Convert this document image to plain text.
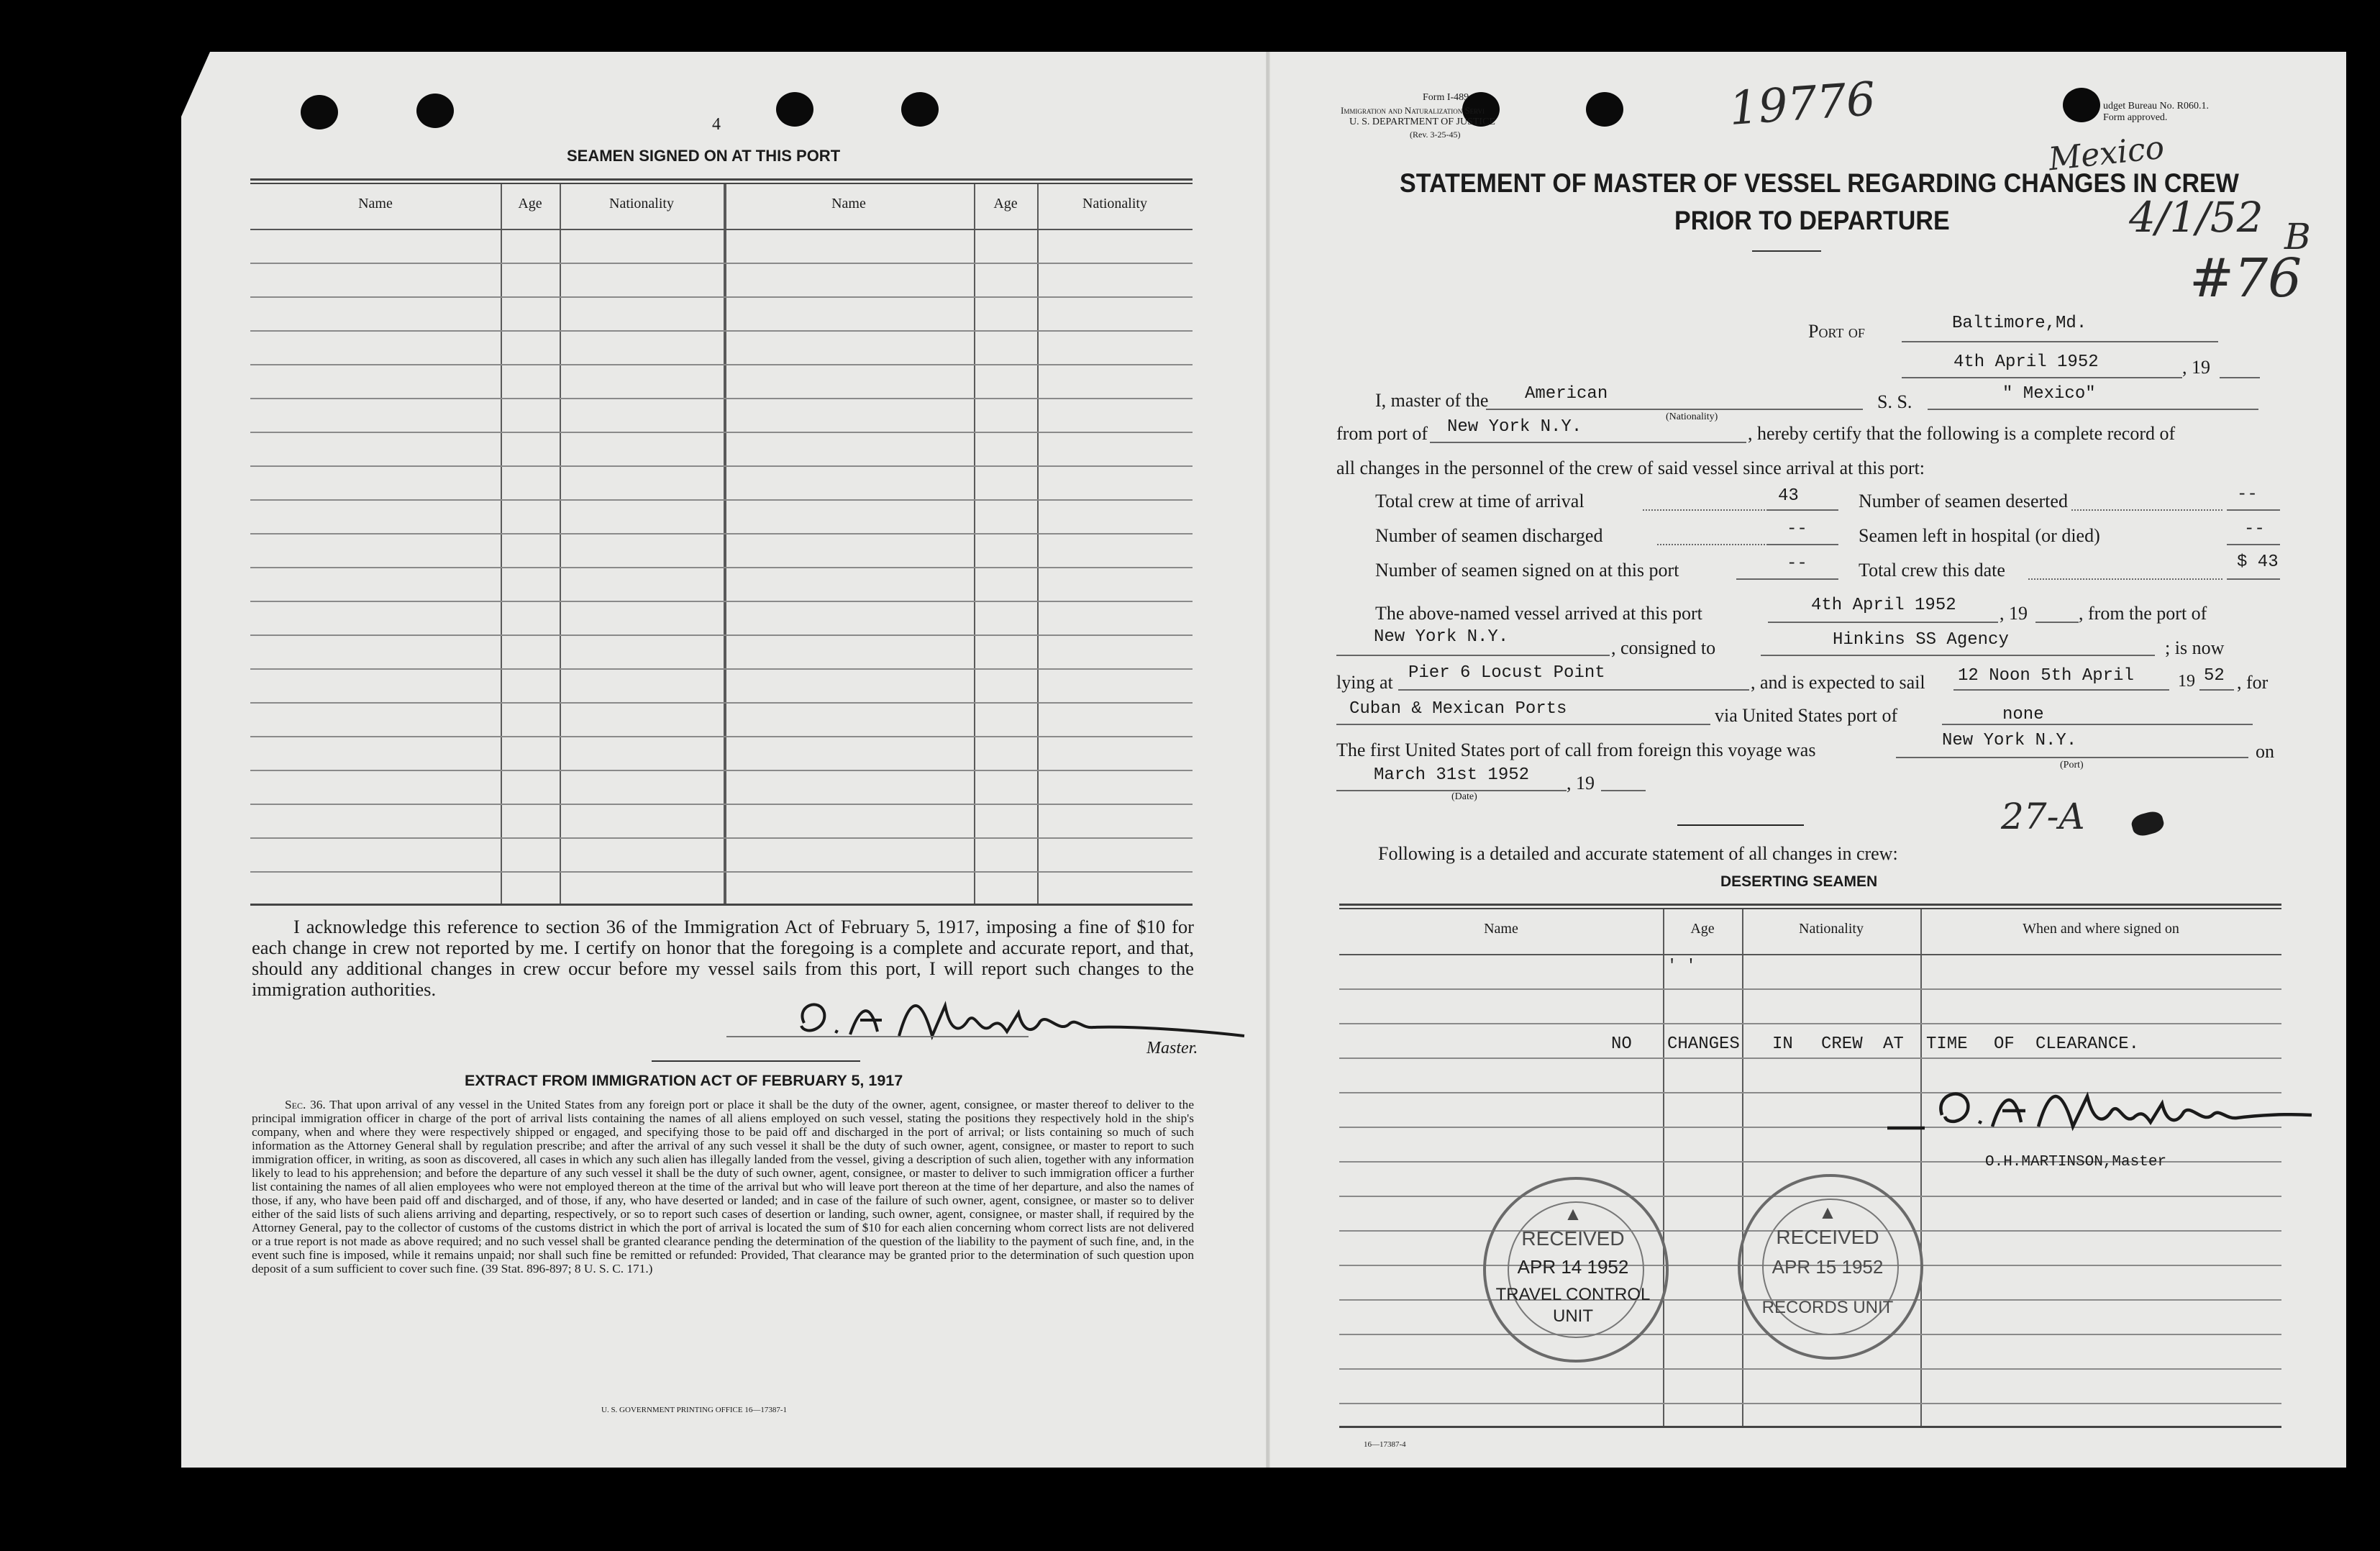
4
SEAMEN SIGNED ON AT THIS PORT
Name	Age	Nationality	Name	Age	Nationality
I acknowledge this reference to section 36 of the Immigration Act of February 5, 1917, imposing a fine of $10 for each change in crew not reported by me. I certify on honor that the foregoing is a complete and accurate report, and that, should any additional changes in crew occur before my vessel sails from this port, I will report such changes to the immigration authorities.
Master.
EXTRACT FROM IMMIGRATION ACT OF FEBRUARY 5, 1917
Sec. 36. That upon arrival of any vessel in the United States from any foreign port or place it shall be the duty of the owner, agent, consignee, or master thereof to deliver to the principal immigration officer in charge of the port of arrival lists containing the names of all aliens employed on such vessel, stating the positions they respectively hold in the ship's company, when and where they were respectively shipped or engaged, and specifying those to be paid off and discharged in the port of arrival; or lists containing so much of such information as the Attorney General shall by regulation prescribe; and after the arrival of any such vessel it shall be the duty of such owner, agent, consignee, or master to report to such immigration officer, in writing, as soon as discovered, all cases in which any such alien has illegally landed from the vessel, giving a description of such alien, together with any information likely to lead to his apprehension; and before the departure of any such vessel it shall be the duty of such owner, agent, consignee, or master to deliver to such immigration officer a further list containing the names of all alien employees who were not employed thereon at the time of the arrival but who will leave port thereon at the time of her departure, and also the names of those, if any, who have been paid off and discharged, and of those, if any, who have deserted or landed; and in case of the failure of such owner, agent, consignee, or master so to deliver either of the said lists of such aliens arriving and departing, respectively, or so to report such cases of desertion or landing, such owner, agent, consignee, or master shall, if required by the Attorney General, pay to the collector of customs of the customs district in which the port of arrival is located the sum of $10 for each alien concerning whom correct lists are not delivered or a true report is not made as above required; and no such vessel shall be granted clearance pending the determination of the question of the liability to the payment of such fine, and, in the event such fine is imposed, while it remains unpaid; nor shall such fine be remitted or refunded: Provided, That clearance may be granted prior to the determination of such question upon deposit of a sum sufficient to cover such fine. (39 Stat. 896-897; 8 U. S. C. 171.)
U. S. GOVERNMENT PRINTING OFFICE 16—17387-1
Form I-489
Immigration and Naturalization Servi
U. S. DEPARTMENT OF JUSTICE
(Rev. 3-25-45)
udget Bureau No. R060.1.
Form approved.
19776
Mexico
4/1/52 B
#76
STATEMENT OF MASTER OF VESSEL REGARDING CHANGES IN CREW
PRIOR TO DEPARTURE
Port of	Baltimore,Md.
4th April 1952	, 19
I, master of the American	S. S.	" Mexico"
from port of New York N.Y.
(Nationality)
, hereby certify that the following is a complete record of
all changes in the personnel of the crew of said vessel since arrival at this port:
Total crew at time of arrival	43
Number of seamen discharged	--
Number of seamen signed on at this port	--
Number of seamen deserted	--
Seamen left in hospital (or died)	--
Total crew this date	$ 43
The above-named vessel arrived at this port	4th April 1952 , 19	, from the port of
New York N.Y.
, consigned to	Hinkins SS Agency	; is now
lying at Pier 6 Locust Point	, and is expected to sail 12 Noon 5th April	19 52 , for
Cuban & Mexican Ports	via United States port of	none
The first United States port of call from foreign this voyage was	New York N.Y.
(Port)
on
March 31st 1952 , 19
(Date)	27-A
Following is a detailed and accurate statement of all changes in crew:
DESERTING SEAMEN
Name	Age	Nationality	When and where signed on
' '
NO CHANGES IN CREW AT TIME OF CLEARANCE.
O.H.MARTINSON,Master
▲
RECEIVED
APR 14 1952
TRAVEL CONTROL
UNIT
▲
RECEIVED
APR 15 1952
RECORDS UNIT
16—17387-4
